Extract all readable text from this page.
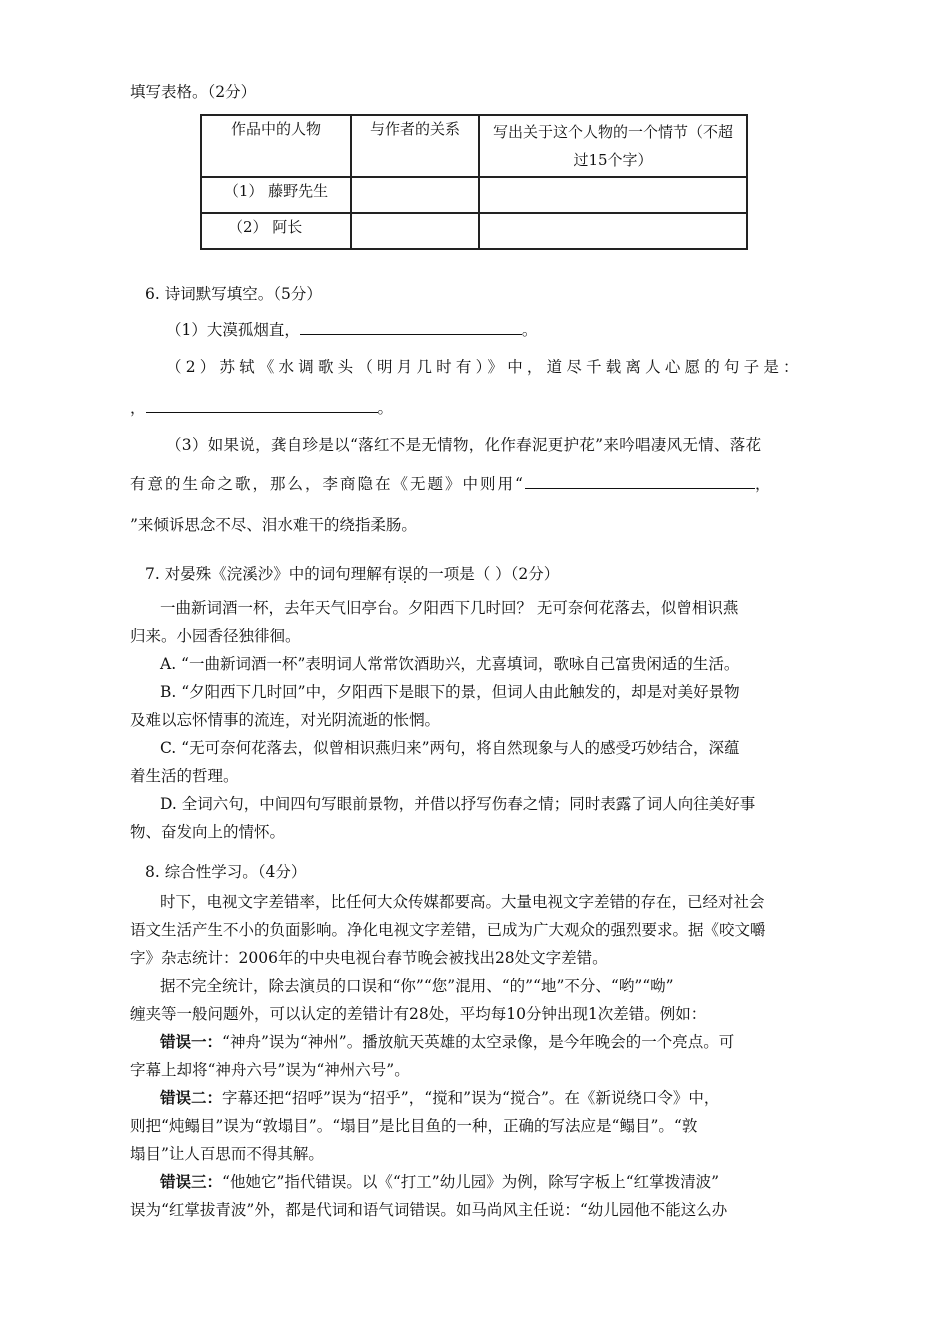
填写表格。（2分）
作品中的人物	与作者的关系	写出关于这个人物的一个情节（不超
过15个字）

（1） 藤野先生		
（2） 阿长		
6. 诗词默写填空。（5分）
（1）大漠孤烟直，	。
（2）苏轼《水调歌头（明月几时有）》中，道尽千载离人心愿的句子是：
，	。
（3）如果说，龚自珍是以“落红不是无情物，化作春泥更护花”来吟唱凄风无情、落花
有意的生命之歌，那么，李商隐在《无题》中则用“	，
”来倾诉思念不尽、泪水难干的绕指柔肠。
7. 对晏殊《浣溪沙》中的词句理解有误的一项是（ ）（2分）
一曲新词酒一杯，去年天气旧亭台。夕阳西下几时回？ 无可奈何花落去，似曾相识燕
归来。小园香径独徘徊。
A. “一曲新词酒一杯”表明词人常常饮酒助兴，尤喜填词，歌咏自己富贵闲适的生活。
B. “夕阳西下几时回”中，夕阳西下是眼下的景，但词人由此触发的，却是对美好景物
及难以忘怀情事的流连，对光阴流逝的怅惘。
C. “无可奈何花落去，似曾相识燕归来”两句，将自然现象与人的感受巧妙结合，深蕴
着生活的哲理。
D. 全词六句，中间四句写眼前景物，并借以抒写伤春之情；同时表露了词人向往美好事
物、奋发向上的情怀。
8. 综合性学习。（4分）
时下，电视文字差错率，比任何大众传媒都要高。大量电视文字差错的存在，已经对社会
语文生活产生不小的负面影响。净化电视文字差错，已成为广大观众的强烈要求。据《咬文嚼
字》杂志统计：2006年的中央电视台春节晚会被找出28处文字差错。
据不完全统计，除去演员的口误和“你”“您”混用、“的”“地”不分、“哟”“呦”
缠夹等一般问题外，可以认定的差错计有28处，平均每10分钟出现1次差错。例如：
错误一：“神舟”误为“神州”。播放航天英雄的太空录像，是今年晚会的一个亮点。可
字幕上却将“神舟六号”误为“神州六号”。
错误二：字幕还把“招呼”误为“招乎”，“搅和”误为“搅合”。在《新说绕口令》中，
则把“炖鳎目”误为“敦塌目”。“塌目”是比目鱼的一种，正确的写法应是“鳎目”。“敦
塌目”让人百思而不得其解。
错误三：“他她它”指代错误。以《“打工”幼儿园》为例，除写字板上“红掌拨清波”
误为“红掌拔青波”外，都是代词和语气词错误。如马尚风主任说：“幼儿园他不能这么办
